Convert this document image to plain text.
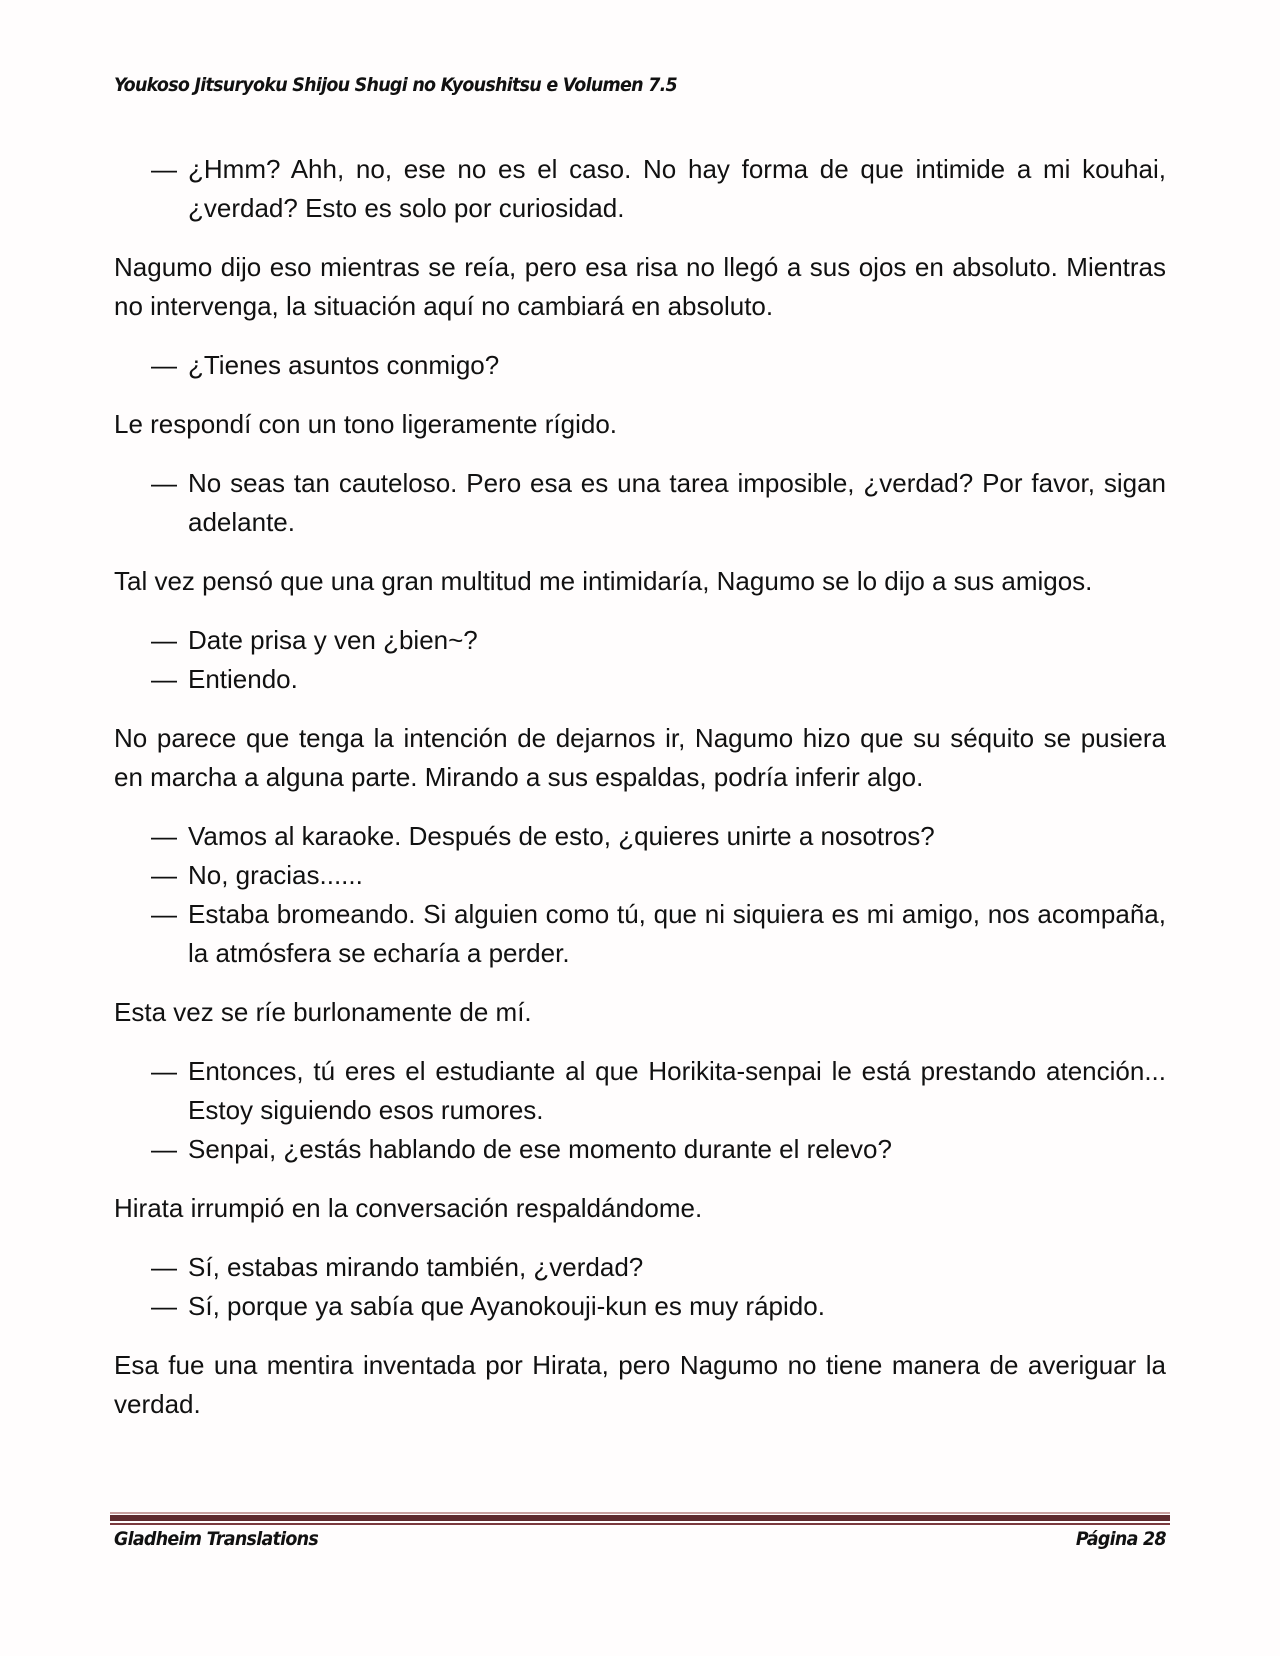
Youkoso Jitsuryoku Shijou Shugi no Kyoushitsu e Volumen 7.5
— ¿Hmm? Ahh, no, ese no es el caso. No hay forma de que intimide a mi kouhai, ¿verdad? Esto es solo por curiosidad.

Nagumo dijo eso mientras se reía, pero esa risa no llegó a sus ojos en absoluto. Mientras no intervenga, la situación aquí no cambiará en absoluto.

— ¿Tienes asuntos conmigo?

Le respondí con un tono ligeramente rígido.

— No seas tan cauteloso. Pero esa es una tarea imposible, ¿verdad? Por favor, sigan adelante.

Tal vez pensó que una gran multitud me intimidaría, Nagumo se lo dijo a sus amigos.

— Date prisa y ven ¿bien~?
— Entiendo.

No parece que tenga la intención de dejarnos ir, Nagumo hizo que su séquito se pusiera en marcha a alguna parte. Mirando a sus espaldas, podría inferir algo.

— Vamos al karaoke. Después de esto, ¿quieres unirte a nosotros?
— No, gracias......
— Estaba bromeando. Si alguien como tú, que ni siquiera es mi amigo, nos acompaña, la atmósfera se echaría a perder.

Esta vez se ríe burlonamente de mí.

— Entonces, tú eres el estudiante al que Horikita-senpai le está prestando atención... Estoy siguiendo esos rumores.
— Senpai, ¿estás hablando de ese momento durante el relevo?

Hirata irrumpió en la conversación respaldándome.

— Sí, estabas mirando también, ¿verdad?
— Sí, porque ya sabía que Ayanokouji-kun es muy rápido.

Esa fue una mentira inventada por Hirata, pero Nagumo no tiene manera de averiguar la verdad.

Gladheim Translations	Página 28
